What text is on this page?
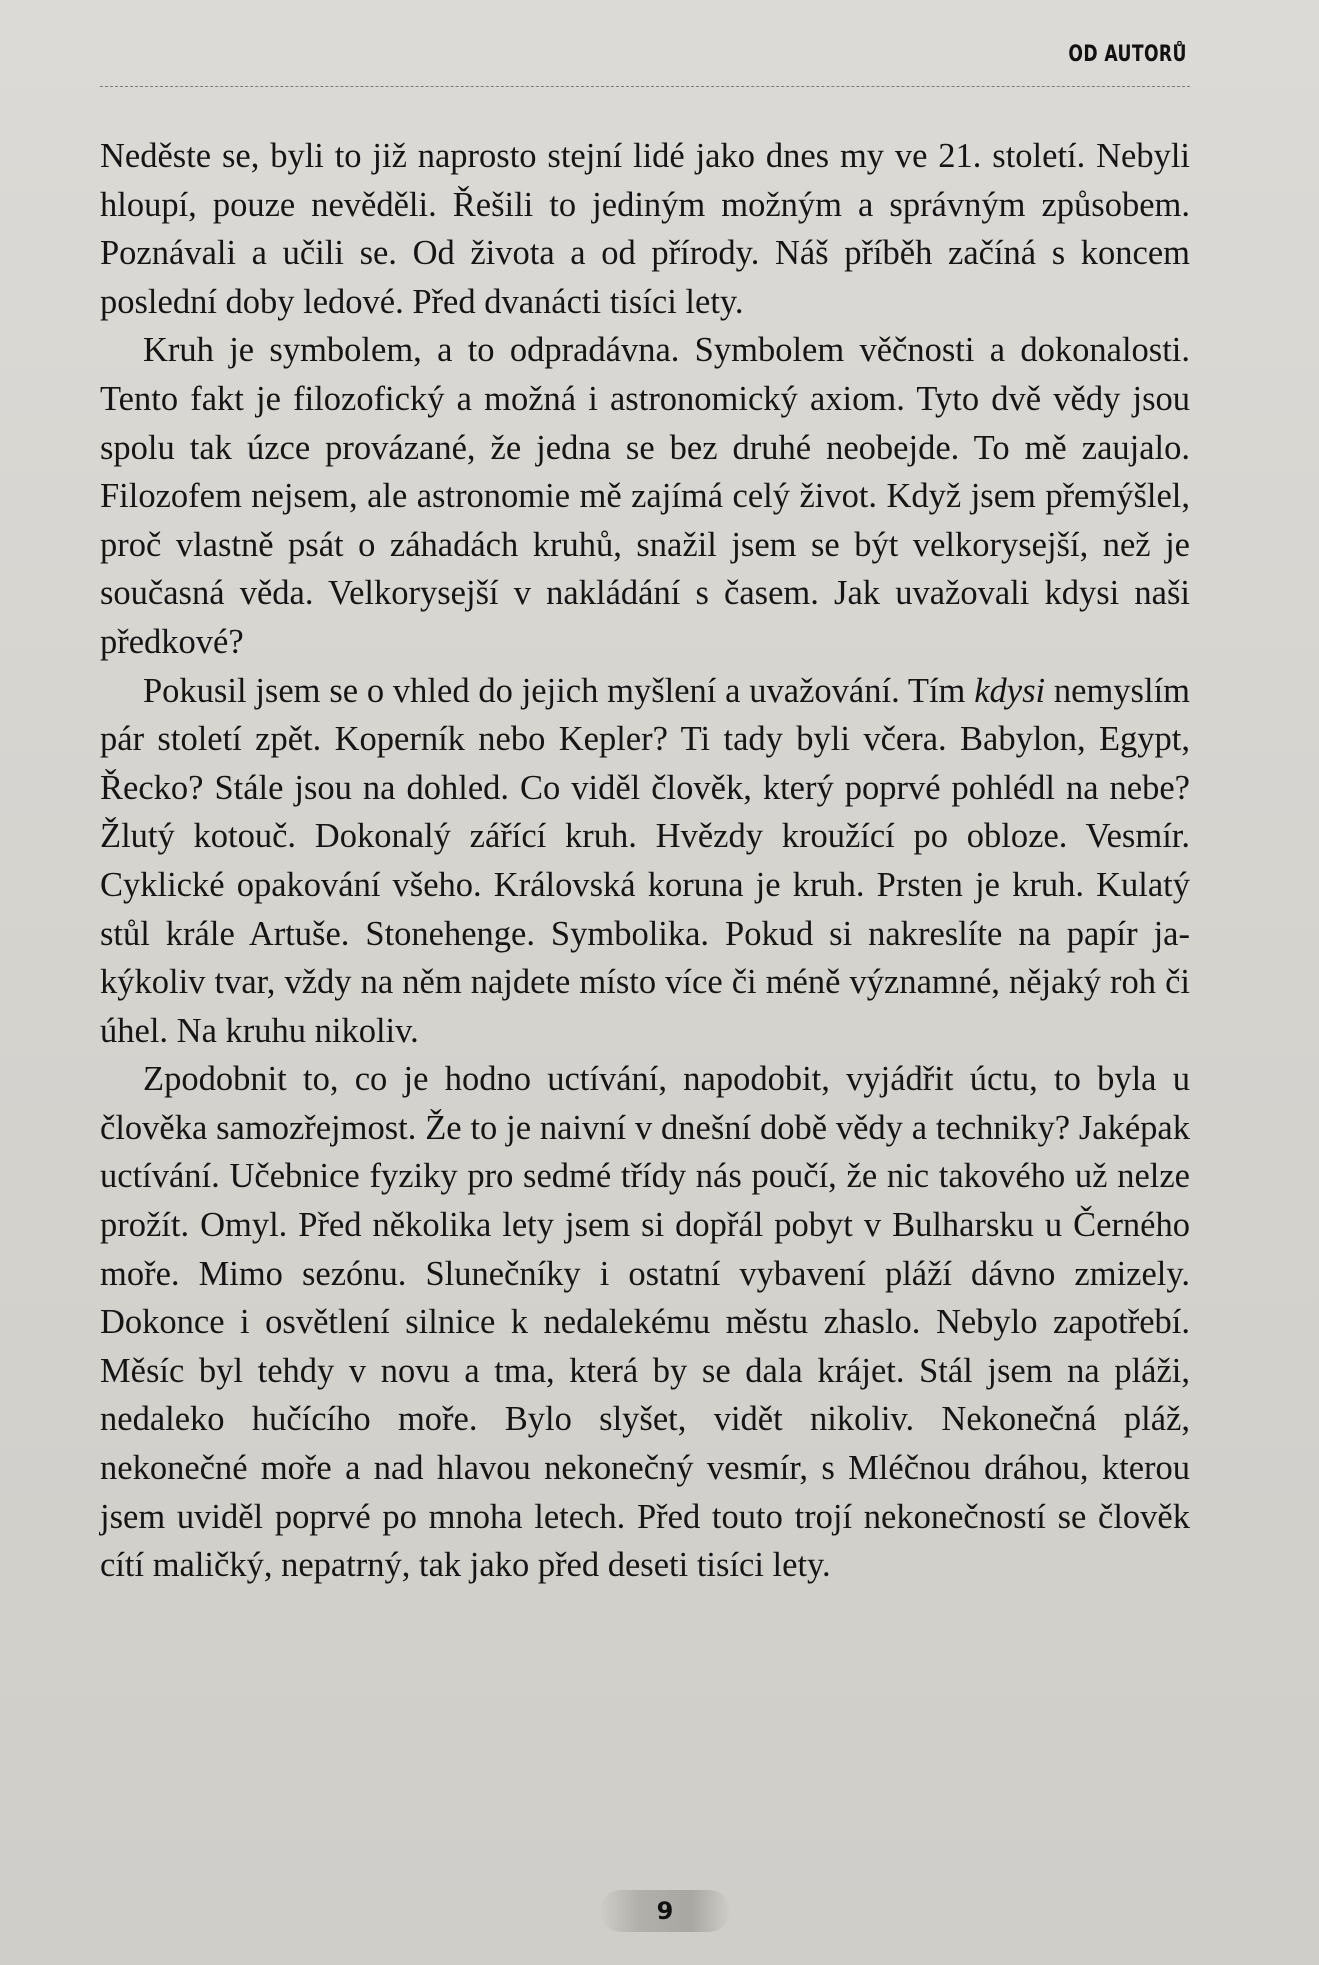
OD AUTORŮ

Neděste se, byli to již naprosto stejní lidé jako dnes my ve 21. století. Nebyli hloupí, pouze nevěděli. Řešili to jediným možným a správným způsobem. Poznávali a učili se. Od života a od přírody. Náš příběh začíná s koncem poslední doby ledové. Před dvanácti tisíci lety.

Kruh je symbolem, a to odpradávna. Symbolem věčnosti a dokonalosti. Tento fakt je filozofický a možná i astronomický axiom. Tyto dvě vědy jsou spolu tak úzce provázané, že jedna se bez druhé neobejde. To mě zaujalo. Filozofem nejsem, ale astronomie mě zajímá celý život. Když jsem přemýšlel, proč vlastně psát o záhadách kruhů, snažil jsem se být velkorysejší, než je současná věda. Velkorysejší v nakládání s časem. Jak uvažovali kdysi naši předkové?

Pokusil jsem se o vhled do jejich myšlení a uvažování. Tím kdysi nemyslím pár století zpět. Koperník nebo Kepler? Ti tady byli včera. Babylon, Egypt, Řecko? Stále jsou na dohled. Co viděl člověk, který poprvé pohlédl na nebe? Žlutý kotouč. Dokonalý zářící kruh. Hvězdy kroužící po obloze. Vesmír. Cyklické opakování všeho. Královská koruna je kruh. Prsten je kruh. Kulatý stůl krále Artuše. Stonehenge. Symbolika. Pokud si nakreslíte na papír jakýkoliv tvar, vždy na něm najdete místo více či méně významné, nějaký roh či úhel. Na kruhu nikoliv.

Zpodobnit to, co je hodno uctívání, napodobit, vyjádřit úctu, to byla u člověka samozřejmost. Že to je naivní v dnešní době vědy a techniky? Jaképak uctívání. Učebnice fyziky pro sedmé třídy nás poučí, že nic takového už nelze prožít. Omyl. Před několika lety jsem si dopřál pobyt v Bulharsku u Černého moře. Mimo sezónu. Slunečníky i ostatní vybavení pláží dávno zmizely. Dokonce i osvětlení silnice k nedalekému městu zhaslo. Nebylo zapotřebí. Měsíc byl tehdy v novu a tma, která by se dala krájet. Stál jsem na pláži, nedaleko hučícího moře. Bylo slyšet, vidět nikoliv. Nekonečná pláž, nekonečné moře a nad hlavou nekonečný vesmír, s Mléčnou dráhou, kterou jsem uviděl poprvé po mnoha letech. Před touto trojí nekonečností se člověk cítí maličký, nepatrný, tak jako před deseti tisíci lety.

9
